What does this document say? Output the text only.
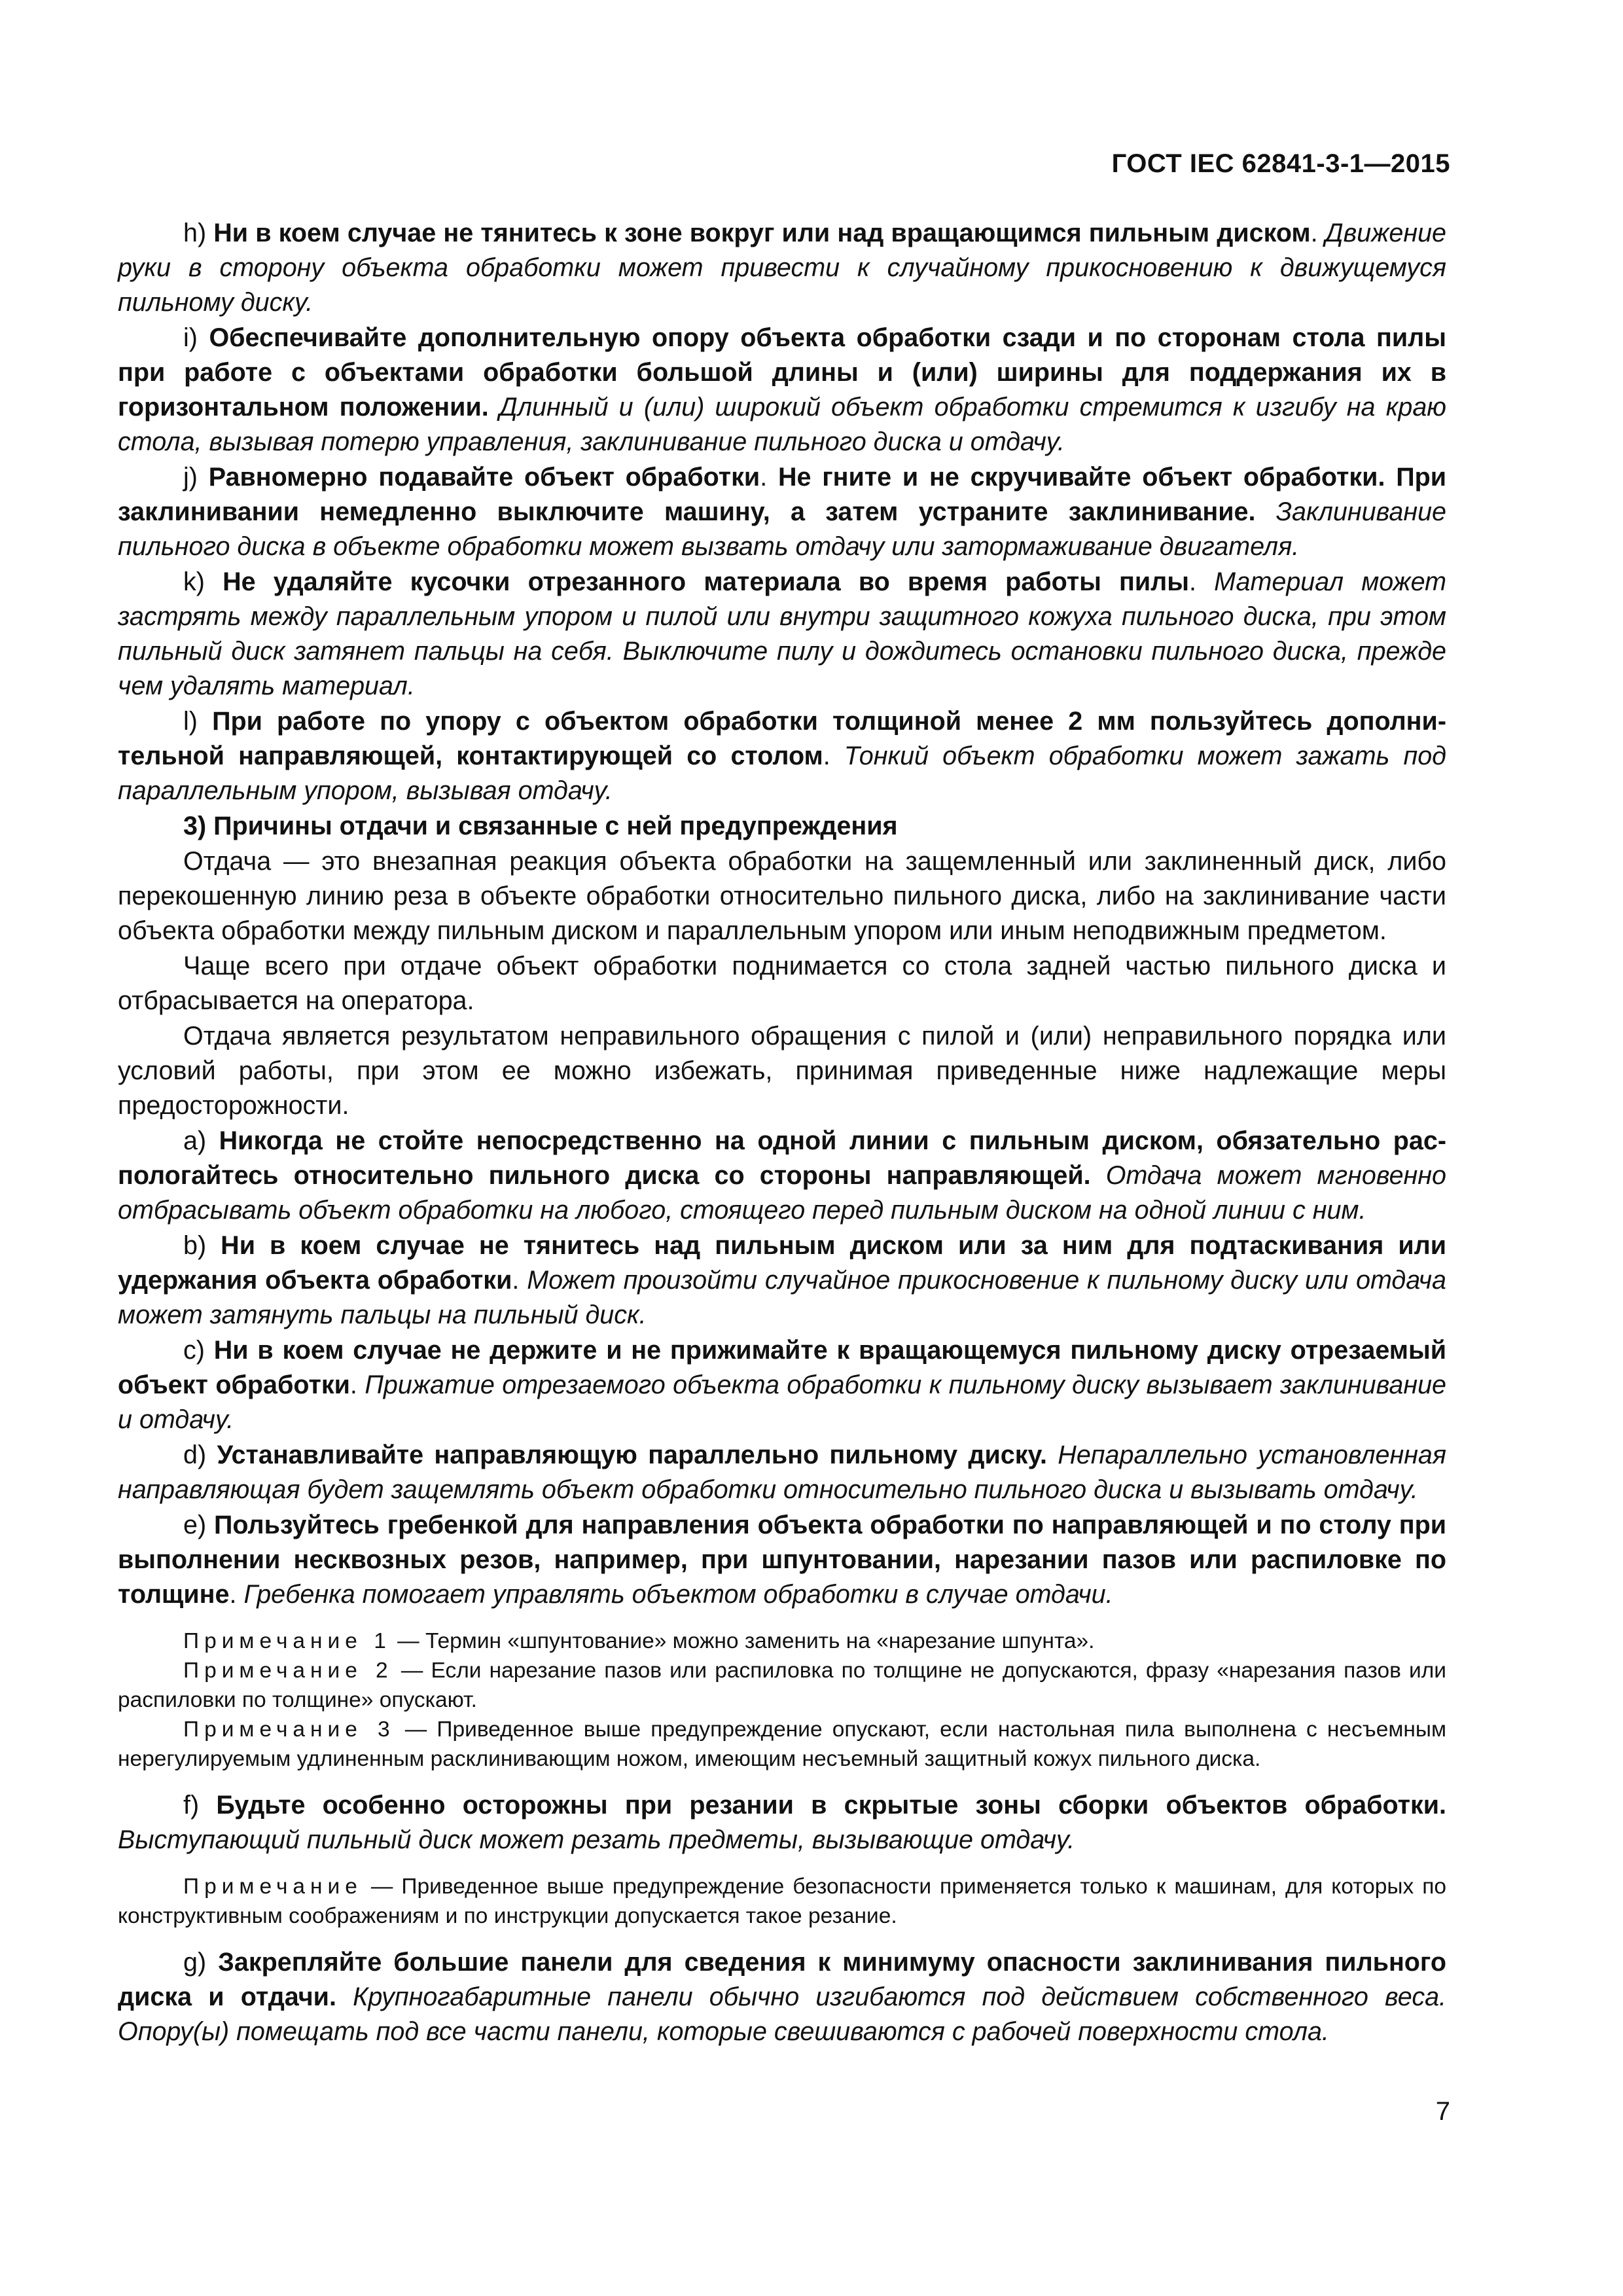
ГОСТ IEC 62841-3-1—2015

h) Ни в коем случае не тянитесь к зоне вокруг или над вращающимся пильным диском. Движение руки в сторону объекта обработки может привести к случайному прикосновению к движущемуся пильному диску.

i) Обеспечивайте дополнительную опору объекта обработки сзади и по сторонам стола пилы при работе с объектами обработки большой длины и (или) ширины для поддержания их в горизонтальном положении. Длинный и (или) широкий объект обработки стремится к изгибу на краю стола, вызывая потерю управления, заклинивание пильного диска и отдачу.

j) Равномерно подавайте объект обработки. Не гните и не скручивайте объект обработки. При заклинивании немедленно выключите машину, а затем устраните заклинивание. Заклинивание пильного диска в объекте обработки может вызвать отдачу или затормаживание двигателя.

k) Не удаляйте кусочки отрезанного материала во время работы пилы. Материал может застрять между параллельным упором и пилой или внутри защитного кожуха пильного диска, при этом пильный диск затянет пальцы на себя. Выключите пилу и дождитесь остановки пильного диска, прежде чем удалять материал.

l) При работе по упору с объектом обработки толщиной менее 2 мм пользуйтесь дополнительной направляющей, контактирующей со столом. Тонкий объект обработки может зажать под параллельным упором, вызывая отдачу.

3) Причины отдачи и связанные с ней предупреждения

Отдача — это внезапная реакция объекта обработки на защемленный или заклиненный диск, либо перекошенную линию реза в объекте обработки относительно пильного диска, либо на заклинивание части объекта обработки между пильным диском и параллельным упором или иным неподвижным предметом.

Чаще всего при отдаче объект обработки поднимается со стола задней частью пильного диска и отбрасывается на оператора.

Отдача является результатом неправильного обращения с пилой и (или) неправильного порядка или условий работы, при этом ее можно избежать, принимая приведенные ниже надлежащие меры предосторожности.

a) Никогда не стойте непосредственно на одной линии с пильным диском, обязательно распологайтесь относительно пильного диска со стороны направляющей. Отдача может мгновенно отбрасывать объект обработки на любого, стоящего перед пильным диском на одной линии с ним.

b) Ни в коем случае не тянитесь над пильным диском или за ним для подтаскивания или удержания объекта обработки. Может произойти случайное прикосновение к пильному диску или отдача может затянуть пальцы на пильный диск.

c) Ни в коем случае не держите и не прижимайте к вращающемуся пильному диску отрезаемый объект обработки. Прижатие отрезаемого объекта обработки к пильному диску вызывает заклинивание и отдачу.

d) Устанавливайте направляющую параллельно пильному диску. Непараллельно установленная направляющая будет защемлять объект обработки относительно пильного диска и вызывать отдачу.

e) Пользуйтесь гребенкой для направления объекта обработки по направляющей и по столу при выполнении несквозных резов, например, при шпунтовании, нарезании пазов или распиловке по толщине. Гребенка помогает управлять объектом обработки в случае отдачи.

Примечание 1 — Термин «шпунтование» можно заменить на «нарезание шпунта».

Примечание 2 — Если нарезание пазов или распиловка по толщине не допускаются, фразу «нарезания пазов или распиловки по толщине» опускают.

Примечание 3 — Приведенное выше предупреждение опускают, если настольная пила выполнена с несъемным нерегулируемым удлиненным расклинивающим ножом, имеющим несъемный защитный кожух пильного диска.

f) Будьте особенно осторожны при резании в скрытые зоны сборки объектов обработки. Выступающий пильный диск может резать предметы, вызывающие отдачу.

Примечание — Приведенное выше предупреждение безопасности применяется только к машинам, для которых по конструктивным соображениям и по инструкции допускается такое резание.

g) Закрепляйте большие панели для сведения к минимуму опасности заклинивания пильного диска и отдачи. Крупногабаритные панели обычно изгибаются под действием собственного веса. Опору(ы) помещать под все части панели, которые свешиваются с рабочей поверхности стола.

7
